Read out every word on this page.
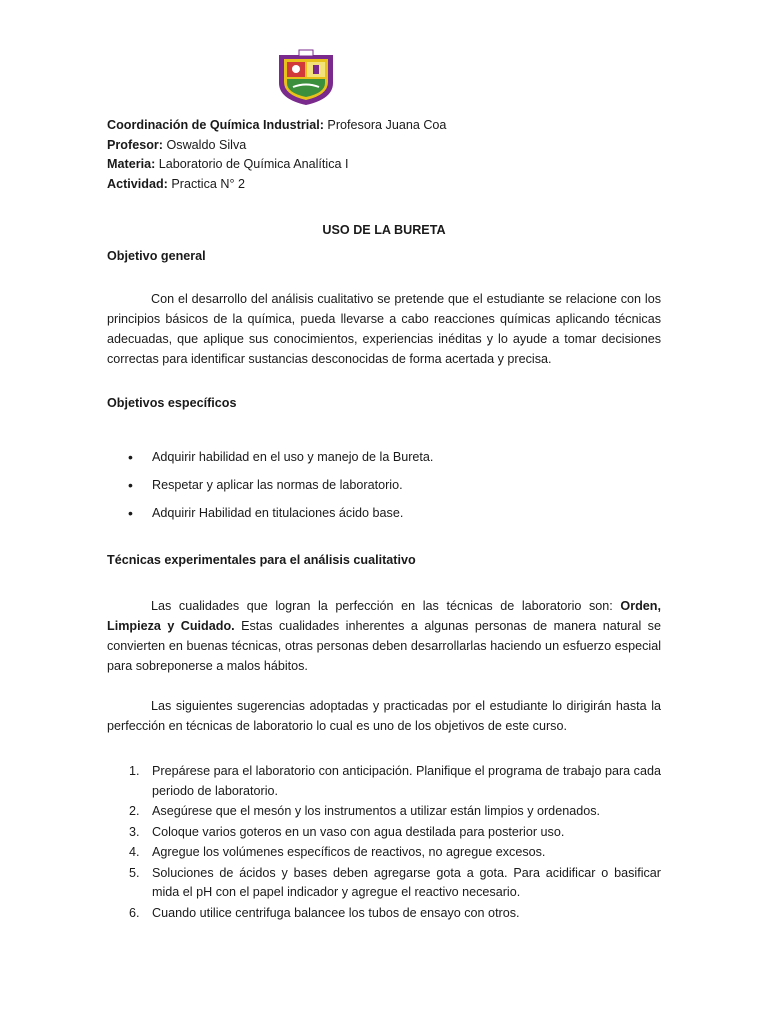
Coordinación de Química Industrial: Profesora Juana Coa
Profesor: Oswaldo Silva
Materia: Laboratorio de Química Analítica I
Actividad: Practica N° 2
USO DE LA BURETA
Objetivo general
Con el desarrollo del análisis cualitativo se pretende que el estudiante se relacione con los principios básicos de la química, pueda llevarse a cabo reacciones químicas aplicando técnicas adecuadas, que aplique sus conocimientos, experiencias inéditas y lo ayude a tomar decisiones correctas para identificar sustancias desconocidas de forma acertada y precisa.
Objetivos específicos
• Adquirir habilidad en el uso y manejo de la Bureta.
• Respetar y aplicar las normas de laboratorio.
• Adquirir Habilidad en titulaciones ácido base.
Técnicas experimentales para el análisis cualitativo
Las cualidades que logran la perfección en las técnicas de laboratorio son: Orden, Limpieza y Cuidado. Estas cualidades inherentes a algunas personas de manera natural se convierten en buenas técnicas, otras personas deben desarrollarlas haciendo un esfuerzo especial para sobreponerse a malos hábitos.
Las siguientes sugerencias adoptadas y practicadas por el estudiante lo dirigirán hasta la perfección en técnicas de laboratorio lo cual es uno de los objetivos de este curso.
1. Prepárese para el laboratorio con anticipación. Planifique el programa de trabajo para cada periodo de laboratorio.
2. Asegúrese que el mesón y los instrumentos a utilizar están limpios y ordenados.
3. Coloque varios goteros en un vaso con agua destilada para posterior uso.
4. Agregue los volúmenes específicos de reactivos, no agregue excesos.
5. Soluciones de ácidos y bases deben agregarse gota a gota. Para acidificar o basificar mida el pH con el papel indicador y agregue el reactivo necesario.
6. Cuando utilice centrifuga balancee los tubos de ensayo con otros.
